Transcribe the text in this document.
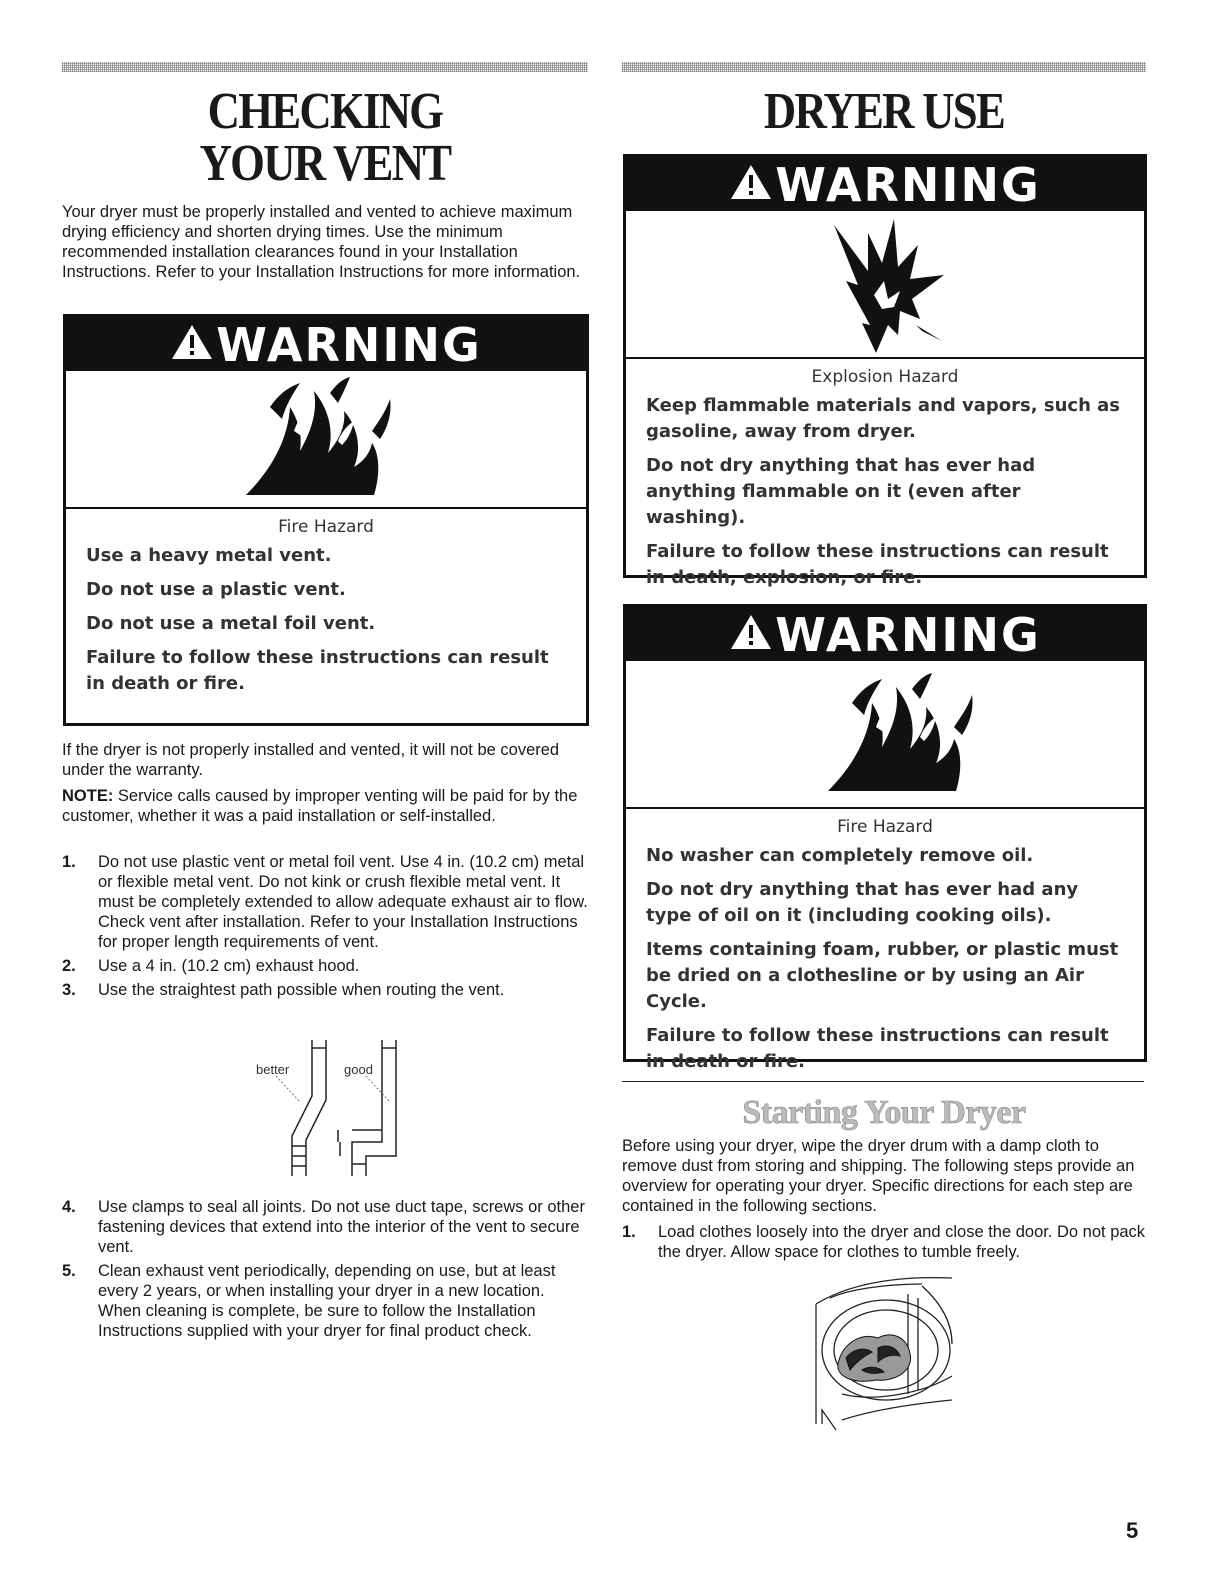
CHECKING
YOUR VENT

Your dryer must be properly installed and vented to achieve maximum drying efficiency and shorten drying times. Use the minimum recommended installation clearances found in your Installation Instructions. Refer to your Installation Instructions for more information.

WARNING
Fire Hazard

Use a heavy metal vent.

Do not use a plastic vent.

Do not use a metal foil vent.

Failure to follow these instructions can result in death or fire.

If the dryer is not properly installed and vented, it will not be covered under the warranty.

NOTE: Service calls caused by improper venting will be paid for by the customer, whether it was a paid installation or self-installed.

1. Do not use plastic vent or metal foil vent. Use 4 in. (10.2 cm) metal or flexible metal vent. Do not kink or crush flexible metal vent. It must be completely extended to allow adequate exhaust air to flow. Check vent after installation. Refer to your Installation Instructions for proper length requirements of vent.
2. Use a 4 in. (10.2 cm) exhaust hood.
3. Use the straightest path possible when routing the vent.
better	good
4. Use clamps to seal all joints. Do not use duct tape, screws or other fastening devices that extend into the interior of the vent to secure vent.
5. Clean exhaust vent periodically, depending on use, but at least every 2 years, or when installing your dryer in a new location. When cleaning is complete, be sure to follow the Installation Instructions supplied with your dryer for final product check.
DRYER USE
WARNING
Explosion Hazard

Keep flammable materials and vapors, such as gasoline, away from dryer.

Do not dry anything that has ever had anything flammable on it (even after washing).

Failure to follow these instructions can result in death, explosion, or fire.

WARNING
Fire Hazard

No washer can completely remove oil.

Do not dry anything that has ever had any type of oil on it (including cooking oils).

Items containing foam, rubber, or plastic must be dried on a clothesline or by using an Air Cycle.

Failure to follow these instructions can result in death or fire.

Starting Your Dryer

Before using your dryer, wipe the dryer drum with a damp cloth to remove dust from storing and shipping. The following steps provide an overview for operating your dryer. Specific directions for each step are contained in the following sections.

1. Load clothes loosely into the dryer and close the door. Do not pack the dryer. Allow space for clothes to tumble freely.
5
